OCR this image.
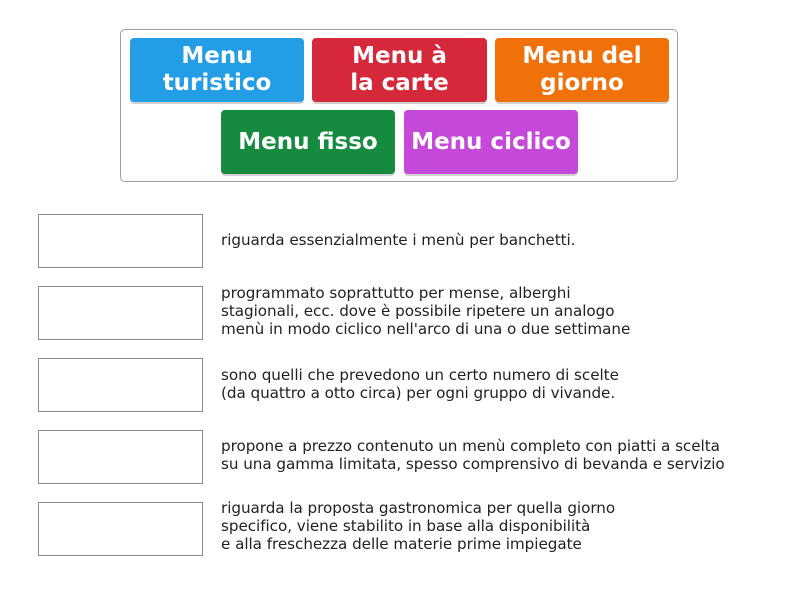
Menu
turistico
Menu à
la carte
Menu del
giorno
Menu fisso	Menu ciclico
riguarda essenzialmente i menù per banchetti.
programmato soprattutto per mense, alberghi
stagionali, ecc. dove è possibile ripetere un analogo
menù in modo ciclico nell'arco di una o due settimane
sono quelli che prevedono un certo numero di scelte
(da quattro a otto circa) per ogni gruppo di vivande.
propone a prezzo contenuto un menù completo con piatti a scelta
su una gamma limitata, spesso comprensivo di bevanda e servizio
riguarda la proposta gastronomica per quella giorno
specifico, viene stabilito in base alla disponibilità
e alla freschezza delle materie prime impiegate
